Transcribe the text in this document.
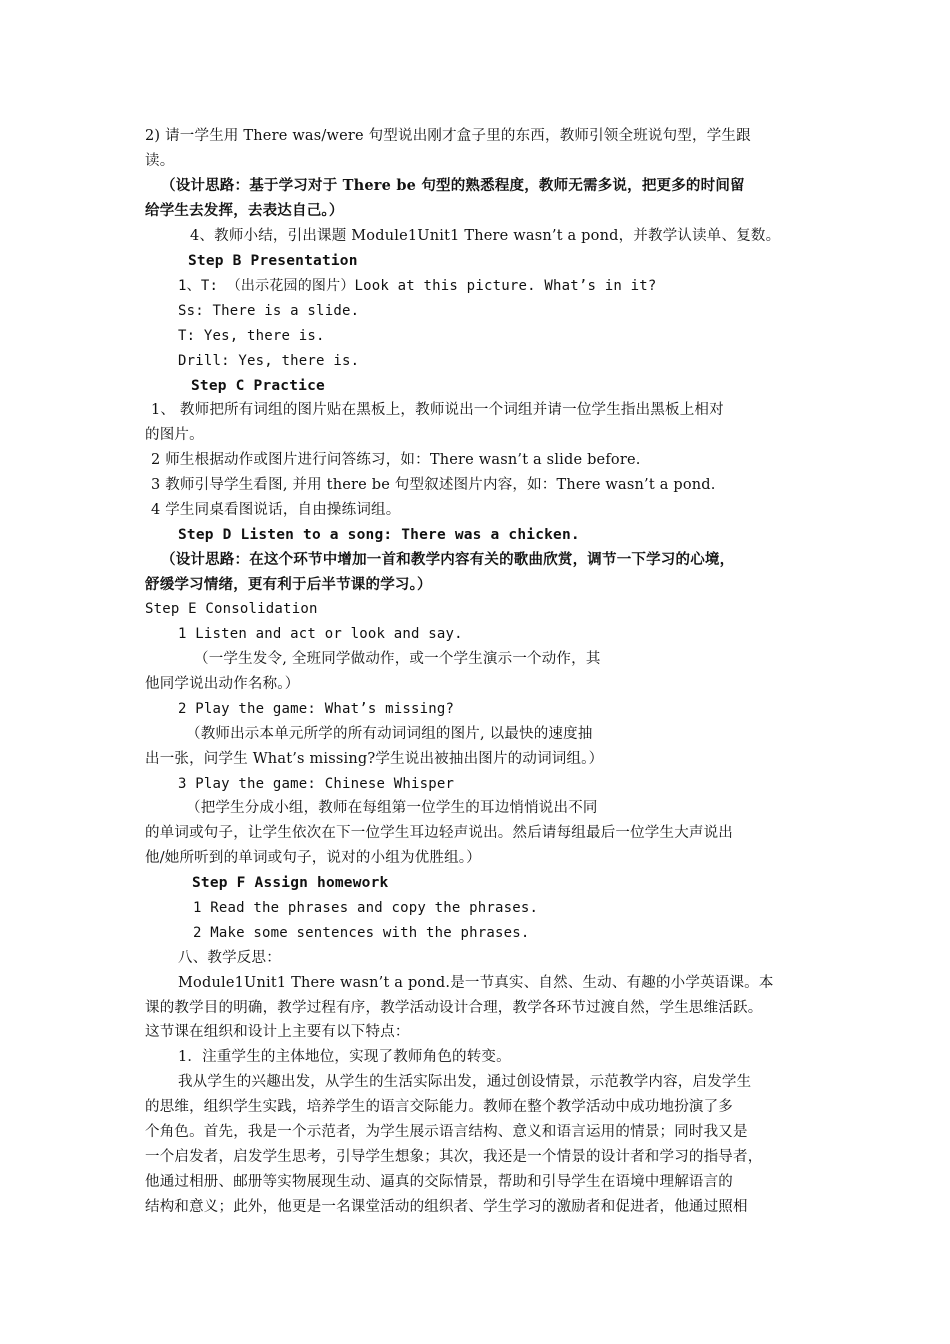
2) 请一学生用 There was/were 句型说出刚才盒子里的东西，教师引领全班说句型，学生跟
读。
（设计思路：基于学习对于 There be 句型的熟悉程度，教师无需多说，把更多的时间留
给学生去发挥，去表达自己。）
4、教师小结，引出课题 Module1Unit1 There wasn’t a pond，并教学认读单、复数。
Step B Presentation
1、T: （出示花园的图片）Look at this picture. What’s in it?
Ss: There is a slide.
T: Yes, there is.
Drill: Yes, there is.
Step C Practice
1、 教师把所有词组的图片贴在黑板上，教师说出一个词组并请一位学生指出黑板上相对
的图片。
2 师生根据动作或图片进行问答练习，如：There wasn’t a slide before.
3 教师引导学生看图, 并用 there be 句型叙述图片内容，如：There wasn’t a pond.
4 学生同桌看图说话，自由操练词组。
Step D Listen to a song: There was a chicken.
（设计思路：在这个环节中增加一首和教学内容有关的歌曲欣赏，调节一下学习的心境，
舒缓学习情绪，更有利于后半节课的学习。）
Step E Consolidation
1 Listen and act or look and say.
（一学生发令, 全班同学做动作，或一个学生演示一个动作，其
他同学说出动作名称。）
2 Play the game: What’s missing?
（教师出示本单元所学的所有动词词组的图片, 以最快的速度抽
出一张，问学生 What’s missing?学生说出被抽出图片的动词词组。）
3 Play the game: Chinese Whisper
（把学生分成小组，教师在每组第一位学生的耳边悄悄说出不同
的单词或句子，让学生依次在下一位学生耳边轻声说出。然后请每组最后一位学生大声说出
他/她所听到的单词或句子，说对的小组为优胜组。）
Step F Assign homework
1 Read the phrases and copy the phrases.
2 Make some sentences with the phrases.
八、教学反思：
Module1Unit1 There wasn’t a pond.是一节真实、自然、生动、有趣的小学英语课。本
课的教学目的明确，教学过程有序，教学活动设计合理，教学各环节过渡自然，学生思维活跃。
这节课在组织和设计上主要有以下特点：
1．注重学生的主体地位，实现了教师角色的转变。
我从学生的兴趣出发，从学生的生活实际出发，通过创设情景，示范教学内容，启发学生
的思维，组织学生实践，培养学生的语言交际能力。教师在整个教学活动中成功地扮演了多
个角色。首先，我是一个示范者，为学生展示语言结构、意义和语言运用的情景；同时我又是
一个启发者，启发学生思考，引导学生想象；其次，我还是一个情景的设计者和学习的指导者，
他通过相册、邮册等实物展现生动、逼真的交际情景，帮助和引导学生在语境中理解语言的
结构和意义；此外，他更是一名课堂活动的组织者、学生学习的激励者和促进者，他通过照相
